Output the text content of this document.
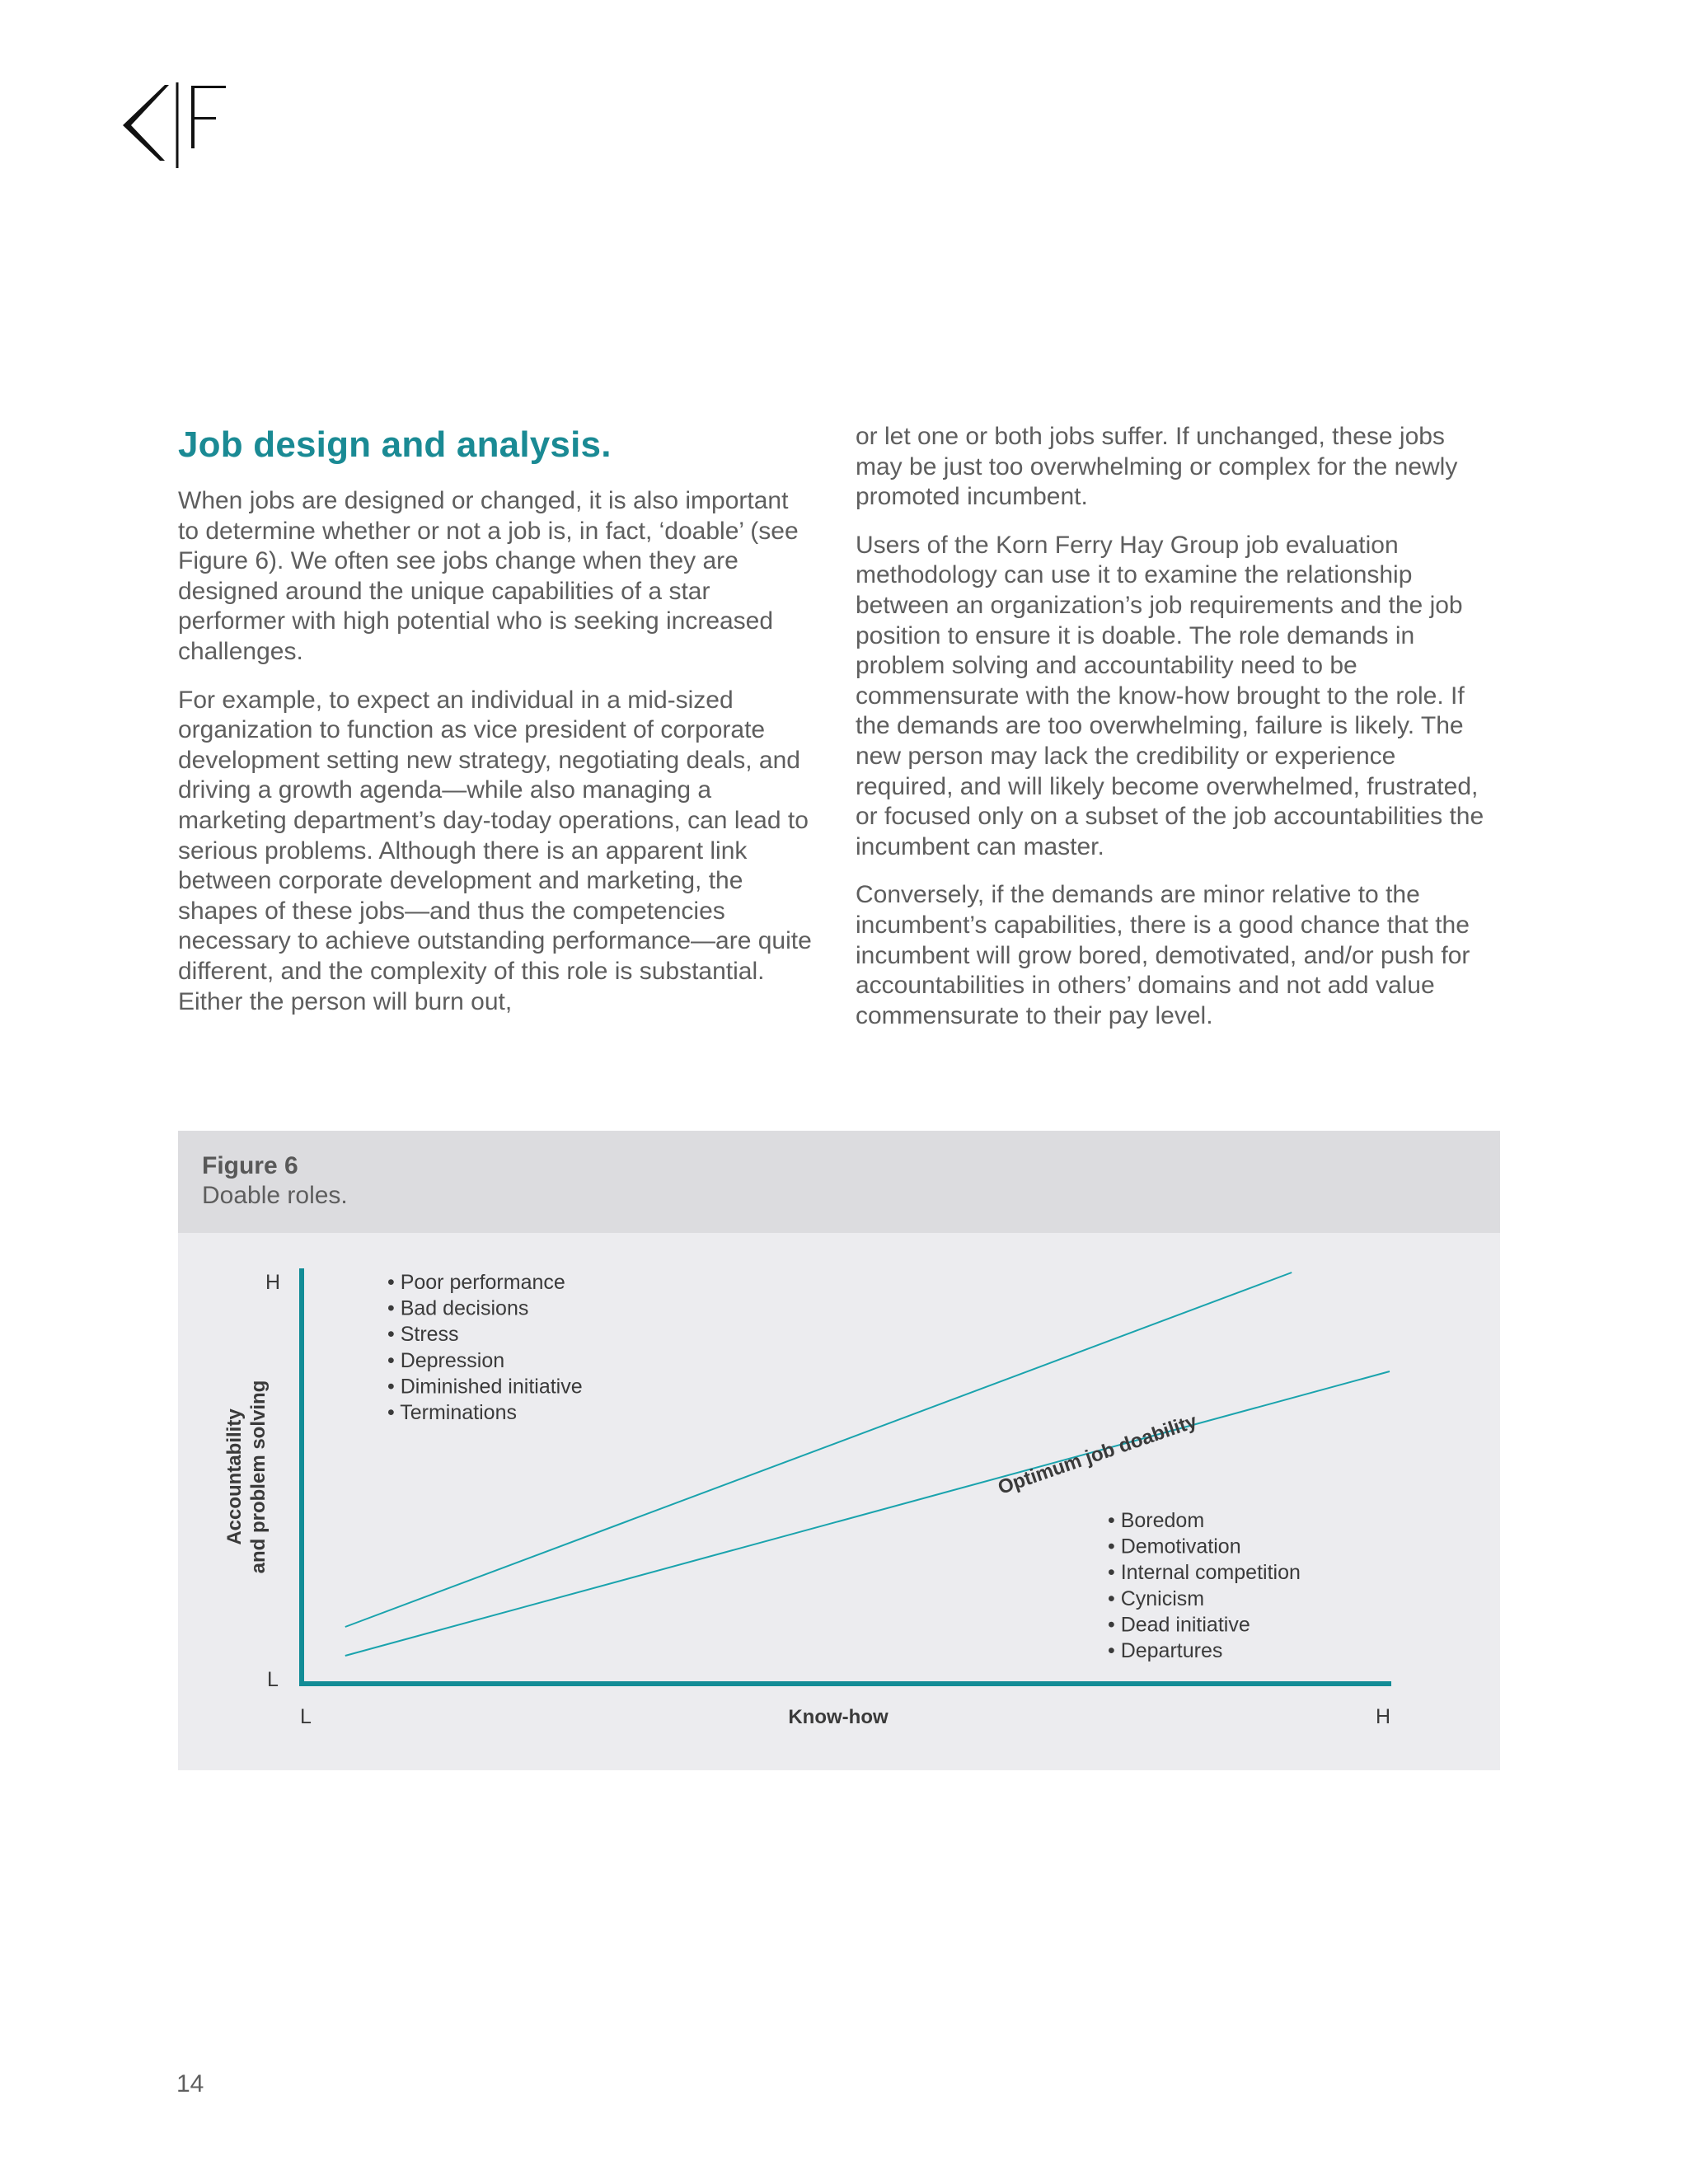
Job design and analysis.

When jobs are designed or changed, it is also important to determine whether or not a job is, in fact, ‘doable’ (see Figure 6). We often see jobs change when they are designed around the unique capabilities of a star performer with high potential who is seeking increased challenges.

For example, to expect an individual in a mid-sized organization to function as vice president of corporate development setting new strategy, negotiating deals, and driving a growth agenda—while also managing a marketing department’s day-today operations, can lead to serious problems. Although there is an apparent link between corporate development and marketing, the shapes of these jobs—and thus the competencies necessary to achieve outstanding performance—are quite different, and the complexity of this role is substantial. Either the person will burn out,

or let one or both jobs suffer. If unchanged, these jobs may be just too overwhelming or complex for the newly promoted incumbent.

Users of the Korn Ferry Hay Group job evaluation methodology can use it to examine the relationship between an organization’s job requirements and the job position to ensure it is doable. The role demands in problem solving and accountability need to be commensurate with the know-how brought to the role. If the demands are too overwhelming, failure is likely. The new person may lack the credibility or experience required, and will likely become overwhelmed, frustrated, or focused only on a subset of the job accountabilities the incumbent can master.

Conversely, if the demands are minor relative to the incumbent’s capabilities, there is a good chance that the incumbent will grow bored, demotivated, and/or push for accountabilities in others’ domains and not add value commensurate to their pay level.

Figure 6
Doable roles.
H
L
L	H
Know-how
Accountability and problem solving	Optimum job doability
• Poor performance
• Bad decisions
• Stress
• Depression
• Diminished initiative
• Terminations
• Boredom
• Demotivation
• Internal competition
• Cynicism
• Dead initiative
• Departures
14
